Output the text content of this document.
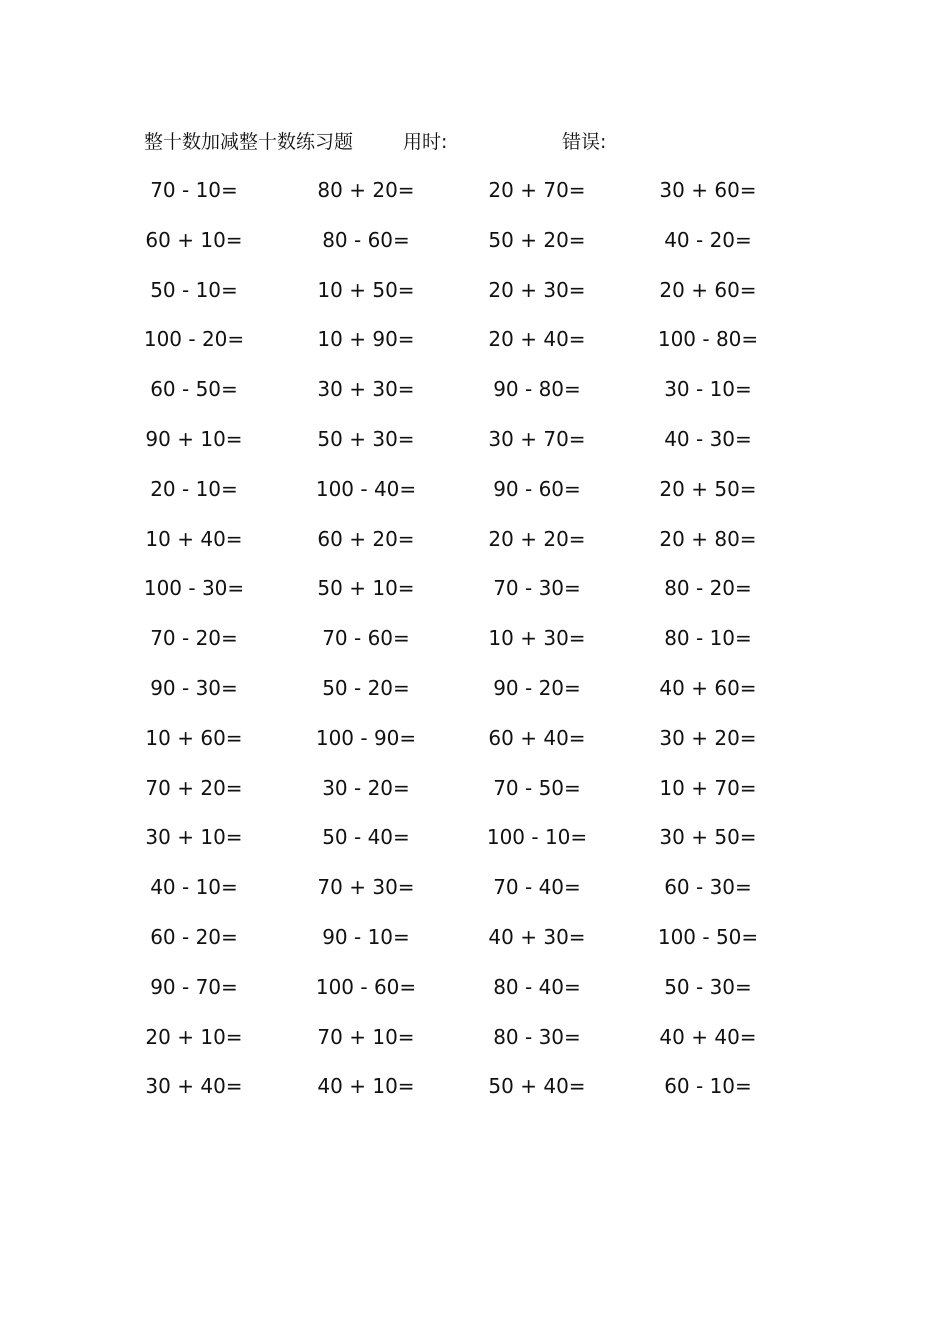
整十数加减整十数练习题	用时:	错误:
70 - 10=	80 + 20=	20 + 70=	30 + 60=
60 + 10=	80 - 60=	50 + 20=	40 - 20=
50 - 10=	10 + 50=	20 + 30=	20 + 60=
100 - 20=	10 + 90=	20 + 40=	100 - 80=
60 - 50=	30 + 30=	90 - 80=	30 - 10=
90 + 10=	50 + 30=	30 + 70=	40 - 30=
20 - 10=	100 - 40=	90 - 60=	20 + 50=
10 + 40=	60 + 20=	20 + 20=	20 + 80=
100 - 30=	50 + 10=	70 - 30=	80 - 20=
70 - 20=	70 - 60=	10 + 30=	80 - 10=
90 - 30=	50 - 20=	90 - 20=	40 + 60=
10 + 60=	100 - 90=	60 + 40=	30 + 20=
70 + 20=	30 - 20=	70 - 50=	10 + 70=
30 + 10=	50 - 40=	100 - 10=	30 + 50=
40 - 10=	70 + 30=	70 - 40=	60 - 30=
60 - 20=	90 - 10=	40 + 30=	100 - 50=
90 - 70=	100 - 60=	80 - 40=	50 - 30=
20 + 10=	70 + 10=	80 - 30=	40 + 40=
30 + 40=	40 + 10=	50 + 40=	60 - 10=
